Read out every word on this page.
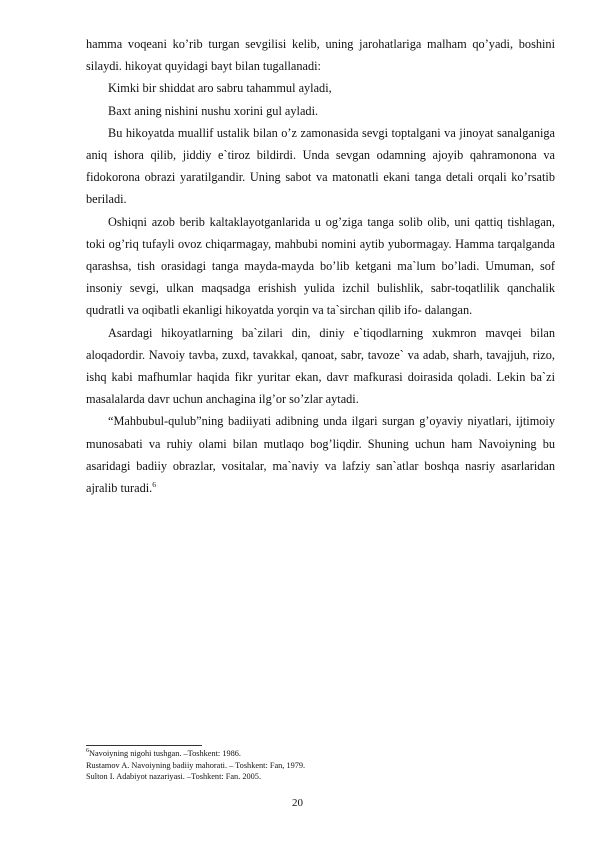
hamma voqeani ko’rib turgan sevgilisi kelib, uning jarohatlariga malham qo’yadi, boshini silaydi. hikoyat quyidagi bayt bilan tugallanadi:

Kimki bir shiddat aro sabru tahammul ayladi,

Baxt aning nishini nushu xorini gul ayladi.

Bu hikoyatda muallif ustalik bilan o’z zamonasida sevgi toptalgani va jinoyat sanalganiga aniq ishora qilib, jiddiy e`tiroz bildirdi. Unda sevgan odamning ajoyib qahramonona va fidokorona obrazi yaratilgandir. Uning sabot va matonatli ekani tanga detali orqali ko’rsatib beriladi.

Oshiqni azob berib kaltaklayotganlarida u og’ziga tanga solib olib, uni qattiq tishlagan, toki og’riq tufayli ovoz chiqarmagay, mahbubi nomini aytib yubormagay. Hamma tarqalganda qarashsa, tish orasidagi tanga mayda-mayda bo’lib ketgani ma`lum bo’ladi. Umuman, sof insoniy sevgi, ulkan maqsadga erishish yulida izchil bulishlik, sabr-toqatlilik qanchalik qudratli va oqibatli ekanligi hikoyatda yorqin va ta`sirchan qilib ifo- dalangan.

Asardagi hikoyatlarning ba`zilari din, diniy e`tiqodlarning xukmron mavqei bilan aloqadordir. Navoiy tavba, zuxd, tavakkal, qanoat, sabr, tavoze` va adab, sharh, tavajjuh, rizo, ishq kabi mafhumlar haqida fikr yuritar ekan, davr mafkurasi doirasida qoladi. Lekin ba`zi masalalarda davr uchun anchagina ilg’or so’zlar aytadi.

“Mahbubul-qulub”ning badiiyati adibning unda ilgari surgan g’oyaviy niyatlari, ijtimoiy munosabati va ruhiy olami bilan mutlaqo bog’liqdir. Shuning uchun ham Navoiyning bu asaridagi badiiy obrazlar, vositalar, ma`naviy va lafziy san`atlar boshqa nasriy asarlaridan ajralib turadi.$^6$

$^6$Navoiyning nigohi tushgan. –Toshkent: 1986.
Rustamov A. Navoiyning badiiy mahorati. – Toshkent: Fan, 1979.
Sulton I. Adabiyot nazariyasi. –Toshkent: Fan. 2005.
20
